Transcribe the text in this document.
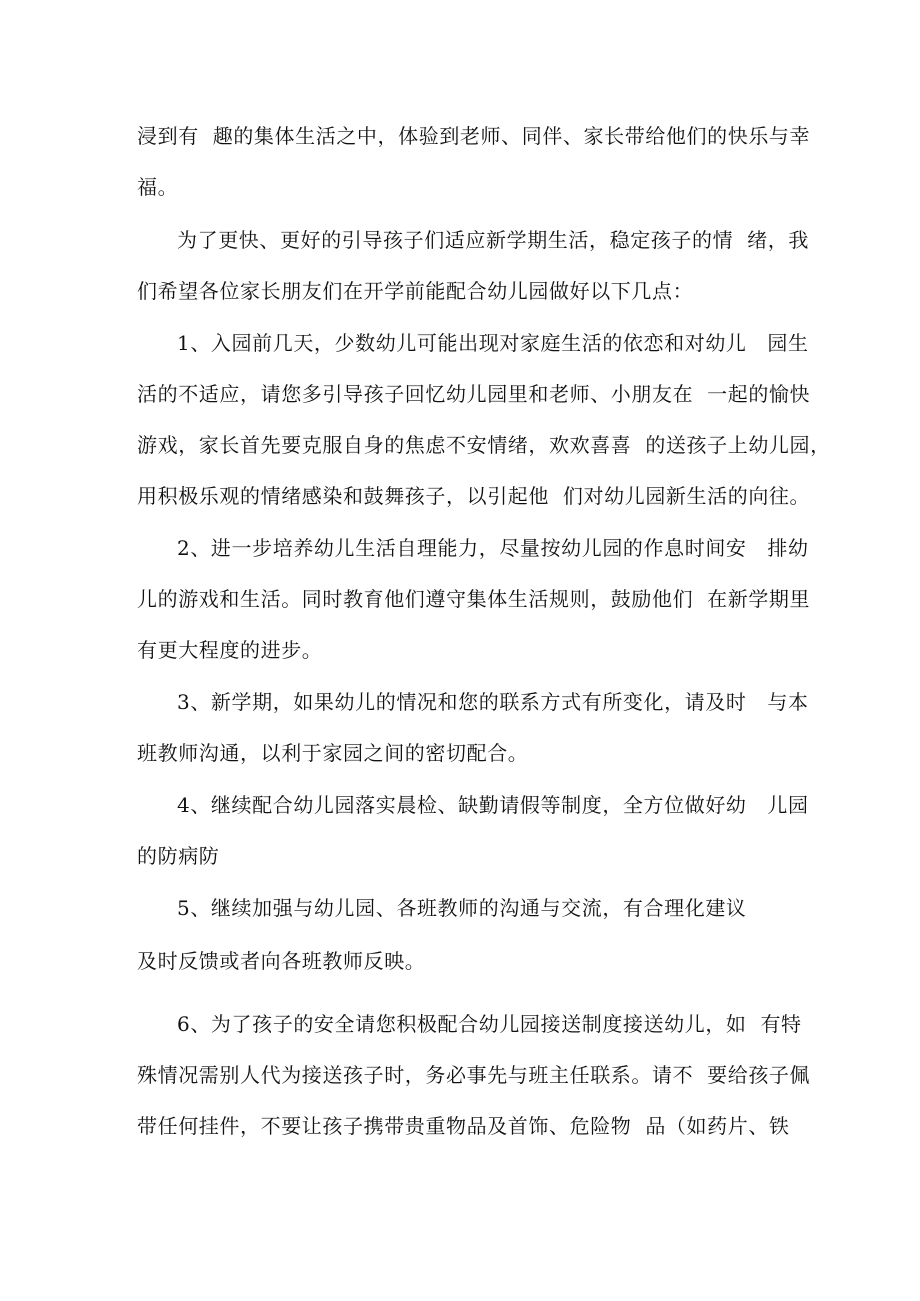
浸到有  趣的集体生活之中，体验到老师、同伴、家长带给他们的快乐与幸
福。
为了更快、更好的引导孩子们适应新学期生活，稳定孩子的情  绪，我
们希望各位家长朋友们在开学前能配合幼儿园做好以下几点：
1、入园前几天，少数幼儿可能出现对家庭生活的依恋和对幼儿   园生
活的不适应，请您多引导孩子回忆幼儿园里和老师、小朋友在  一起的愉快
游戏，家长首先要克服自身的焦虑不安情绪，欢欢喜喜  的送孩子上幼儿园，
用积极乐观的情绪感染和鼓舞孩子，以引起他  们对幼儿园新生活的向往。
2、进一步培养幼儿生活自理能力，尽量按幼儿园的作息时间安   排幼
儿的游戏和生活。同时教育他们遵守集体生活规则，鼓励他们  在新学期里
有更大程度的进步。
3、新学期，如果幼儿的情况和您的联系方式有所变化，请及时   与本
班教师沟通，以利于家园之间的密切配合。
4、继续配合幼儿园落实晨检、缺勤请假等制度，全方位做好幼   儿园
的防病防
5、继续加强与幼儿园、各班教师的沟通与交流，有合理化建议
及时反馈或者向各班教师反映。
6、为了孩子的安全请您积极配合幼儿园接送制度接送幼儿，如  有特
殊情况需别人代为接送孩子时，务必事先与班主任联系。请不  要给孩子佩
带任何挂件，不要让孩子携带贵重物品及首饰、危险物  品（如药片、铁
